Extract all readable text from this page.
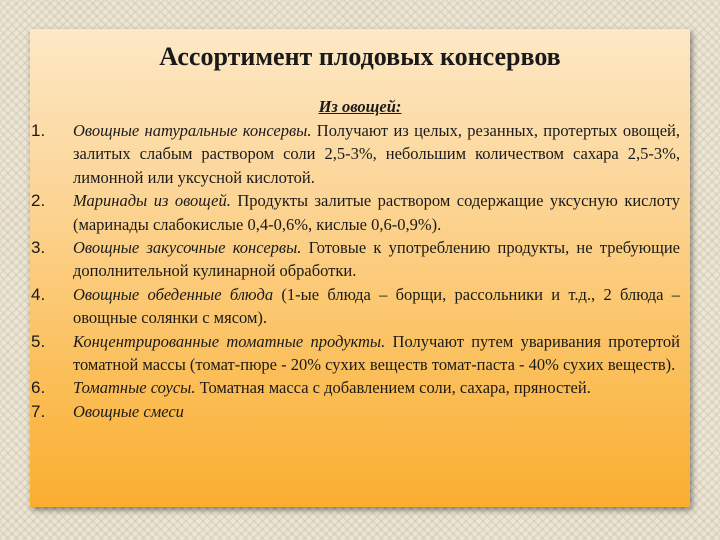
Ассортимент плодовых консервов

Из овощей:

1. Овощные натуральные консервы. Получают из целых, резанных, протертых овощей, залитых слабым раствором соли 2,5-3%, небольшим количеством сахара 2,5-3%, лимонной или уксусной кислотой.
2. Маринады из овощей. Продукты залитые раствором содержащие уксусную кислоту (маринады слабокислые 0,4-0,6%, кислые 0,6-0,9%).
3. Овощные закусочные консервы. Готовые к употреблению продукты, не требующие дополнительной кулинарной обработки.
4. Овощные обеденные блюда (1-ые блюда – борщи, рассольники и т.д., 2 блюда – овощные солянки с мясом).
5. Концентрированные томатные продукты. Получают путем уваривания протертой томатной массы (томат-пюре - 20% сухих веществ томат-паста - 40% сухих веществ).
6. Томатные соусы. Томатная масса с добавлением соли, сахара, пряностей.
7. Овощные смеси
